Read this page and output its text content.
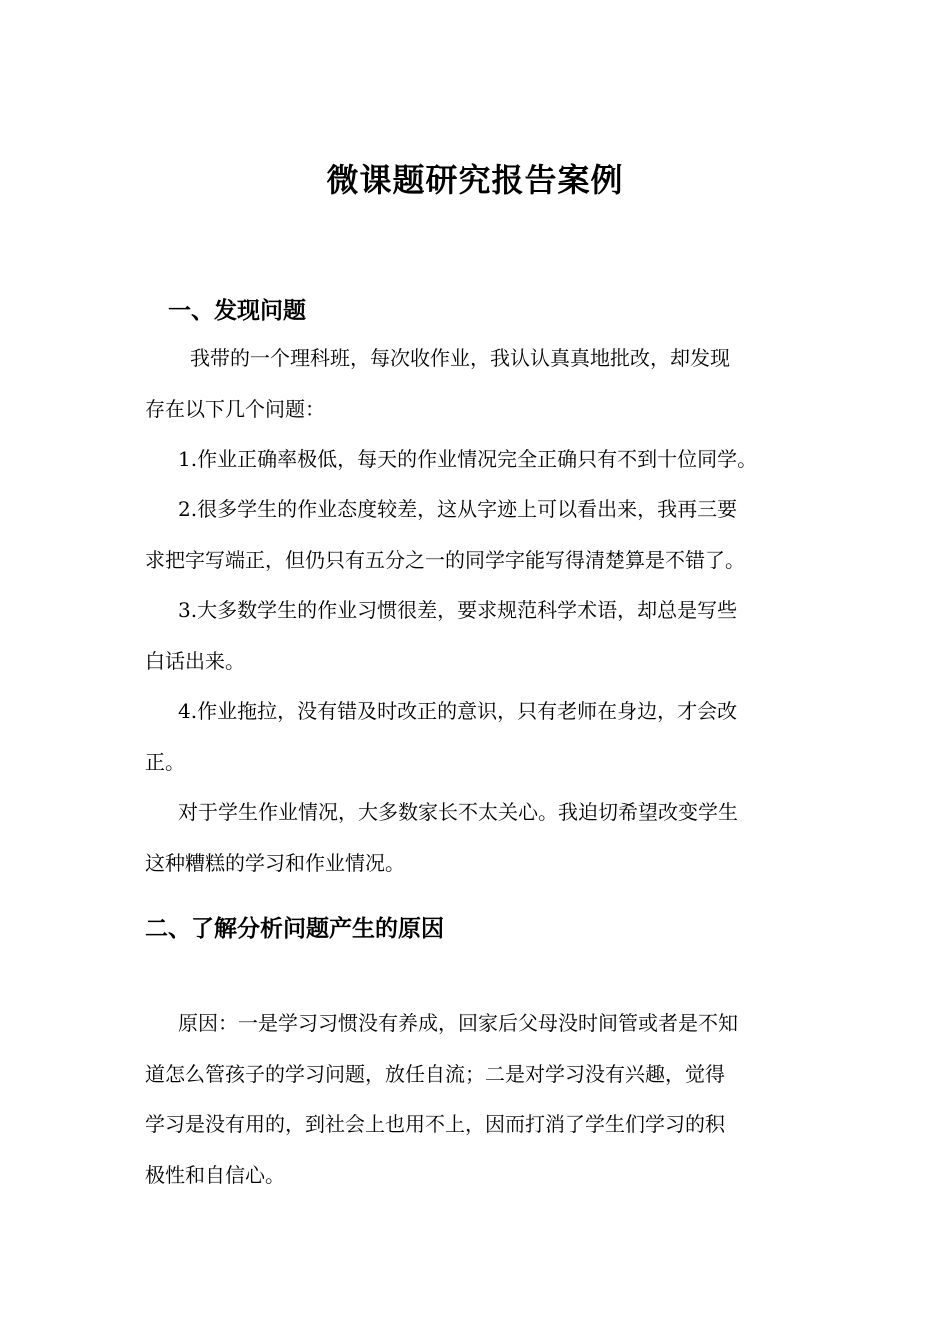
微课题研究报告案例
一、发现问题

我带的一个理科班，每次收作业，我认认真真地批改，却发现
存在以下几个问题：

1.作业正确率极低，每天的作业情况完全正确只有不到十位同学。

2.很多学生的作业态度较差，这从字迹上可以看出来，我再三要
求把字写端正，但仍只有五分之一的同学字能写得清楚算是不错了。

3.大多数学生的作业习惯很差，要求规范科学术语，却总是写些
白话出来。

4.作业拖拉，没有错及时改正的意识，只有老师在身边，才会改
正。

对于学生作业情况，大多数家长不太关心。我迫切希望改变学生
这种糟糕的学习和作业情况。

二、了解分析问题产生的原因

原因：一是学习习惯没有养成，回家后父母没时间管或者是不知
道怎么管孩子的学习问题，放任自流；二是对学习没有兴趣，觉得
学习是没有用的，到社会上也用不上，因而打消了学生们学习的积
极性和自信心。
